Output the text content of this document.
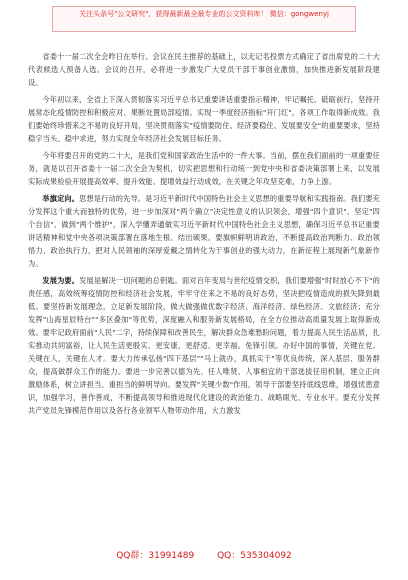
关注头条号"公文研究"，获得最新最全最专业的公文资料库！ 微信：gongwenyj

省委十一届二次全会昨日在举行。会议在民主推荐的基础上，以无记名投票方式确定了省出席党的二十大代表候选人预备人选。会议的召开，必将进一步激发广大党员干部干事创业激情，加快推进新发展阶段建设。

今年初以来，全省上下深入贯彻落实习近平总书记重要讲话重要指示精神，牢记嘱托、砥砺前行，坚持开展常态化疫情防控和积极应对、果断处置局部疫情。实现一季度经济指标"开门红"，各项工作取得新成效。我们要始终珍惜来之不易的良好开局，坚决贯彻落实"疫情要防住、经济要稳住、发展要安全"的重要要求，坚持稳字当头、稳中求进，努力实现全年经济社会发展目标任务。

今年将要召开的党的二十大，是我们党和国家政治生活中的一件大事。当前，摆在我们面前的一项重要任务，就是以召开省委十一届二次全会为契机，切实把思想和行动统一到党中央和省委决策部署上来，以发展实际成果检验开展提高效率、提升效能、提增效益行动成效，在关键之年攻坚克难，力争上游。

举旗定向。思想是行动的先导。是习近平新时代中国特色社会主义思想的重要导航和实践指南。我们要充分发挥这个重大而独特的优势，进一步加深对"两个确立"决定性意义的认识领会，增强"四个意识"、坚定"四个自信"、做到"两个维护"，深入学懂弄通做实习近平新时代中国特色社会主义思想，确保习近平总书记重要讲话精神和党中央各项决策部署在落地生根、结出硕果。要旗帜鲜明讲政治，不断提高政治判断力、政治领悟力、政治执行力，把对人民领袖的深厚爱戴之情转化为干事创业的强大动力，在新征程上展现新气象新作为。

发展为要。发展是解决一切问题的总钥匙。面对百年变局与世纪疫情交织，我们要增强"时时放心不下"的责任感，高效统筹疫情防控和经济社会发展，牢牢守住来之不易的良好态势，坚决把疫情造成的损失降到最低。要坚持新发展理念，立足新发展阶段，做大做强做优数字经济、海洋经济、绿色经济、文旅经济；充分发挥"山海星辰特台""多区叠加"等优势，深度融入和服务新发展格局，在全方位推动高质量发展上取得新成效。要牢记政府面前"人民"二字，持续保障和改善民生，解决群众急难愁盼问题，着力提高人民生活品质，扎实推动共同富裕，让人民生活更殷实、更安康、更舒适、更幸福。免锋引领。办好中国的事情，关键在党。关键在人，关键在人才。要大力传承弘扬"四下基层""马上就办，真抓实干"等优良传统，深入基层、服务群众，提高做群众工作的能力。要进一步完善以德为先、任人唯贤、人事相宜的干部选拔任用机制，建立正向激励体系，树立讲担当、重担当的鲜明导向。要发挥"关键少数"作用，领导干部要坚持底线思维，增强忧患意识，加强学习，善作善成，不断提高领导和推进现代化建设的政治能力、战略眼光、专业水平。要充分发挥共产党员先锋模范作用以及各行各业领军人物带动作用，大力激发

QQ群：31991489	QQ：535304092
